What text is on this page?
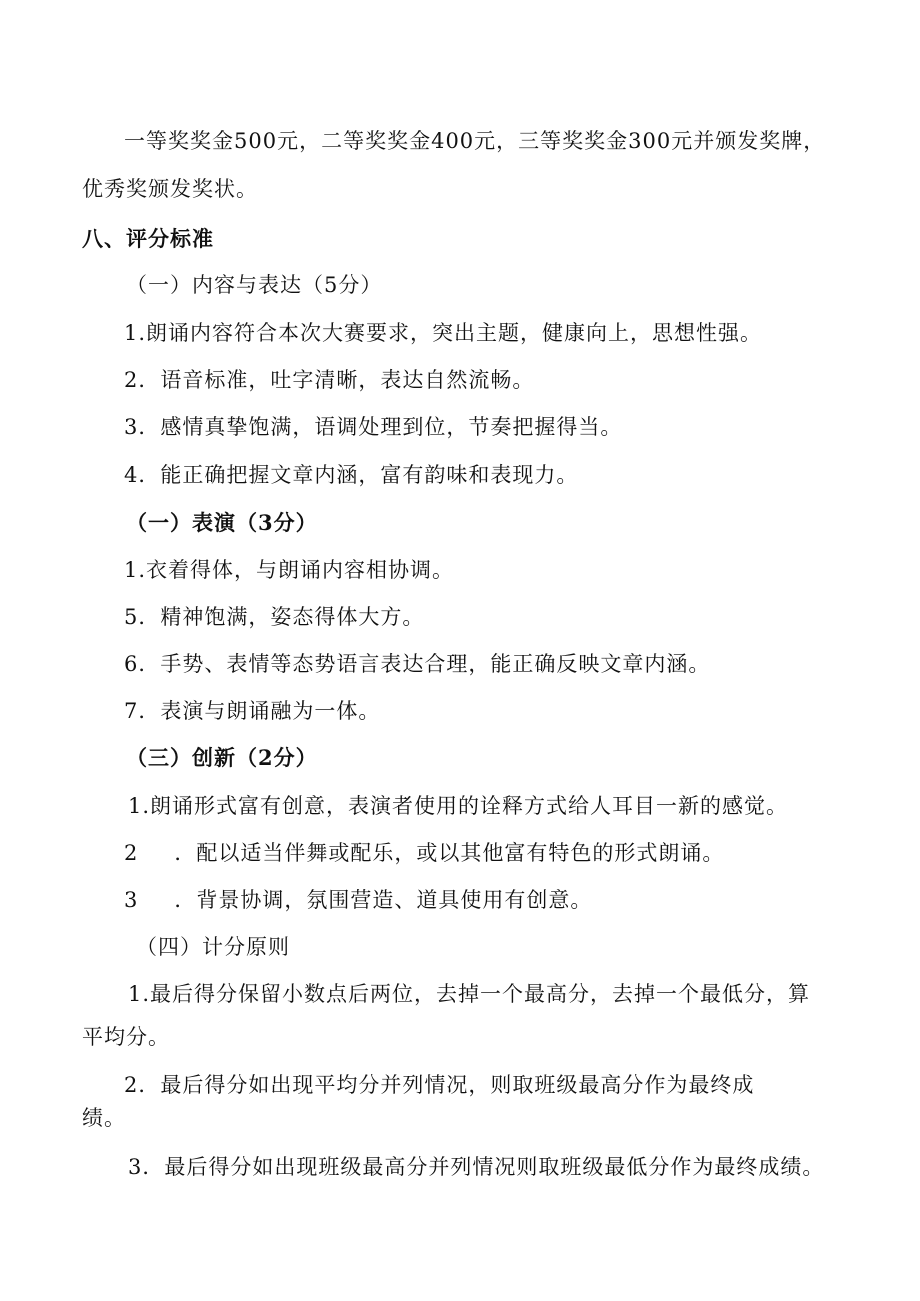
一等奖奖金500元，二等奖奖金400元，三等奖奖金300元并颁发奖牌，
优秀奖颁发奖状。
八、评分标准
（一）内容与表达（5分）
1.朗诵内容符合本次大赛要求，突出主题，健康向上，思想性强。
2．语音标准，吐字清晰，表达自然流畅。
3．感情真挚饱满，语调处理到位，节奏把握得当。
4．能正确把握文章内涵，富有韵味和表现力。
（一）表演（3分）
1.衣着得体，与朗诵内容相协调。
5．精神饱满，姿态得体大方。
6．手势、表情等态势语言表达合理，能正确反映文章内涵。
7．表演与朗诵融为一体。
（三）创新（2分）
1.朗诵形式富有创意，表演者使用的诠释方式给人耳目一新的感觉。
2 ．配以适当伴舞或配乐，或以其他富有特色的形式朗诵。
3 ．背景协调，氛围营造、道具使用有创意。
（四）计分原则
1.最后得分保留小数点后两位，去掉一个最高分，去掉一个最低分，算
平均分。
2．最后得分如出现平均分并列情况，则取班级最高分作为最终成
绩。
3．最后得分如出现班级最高分并列情况则取班级最低分作为最终成绩。
